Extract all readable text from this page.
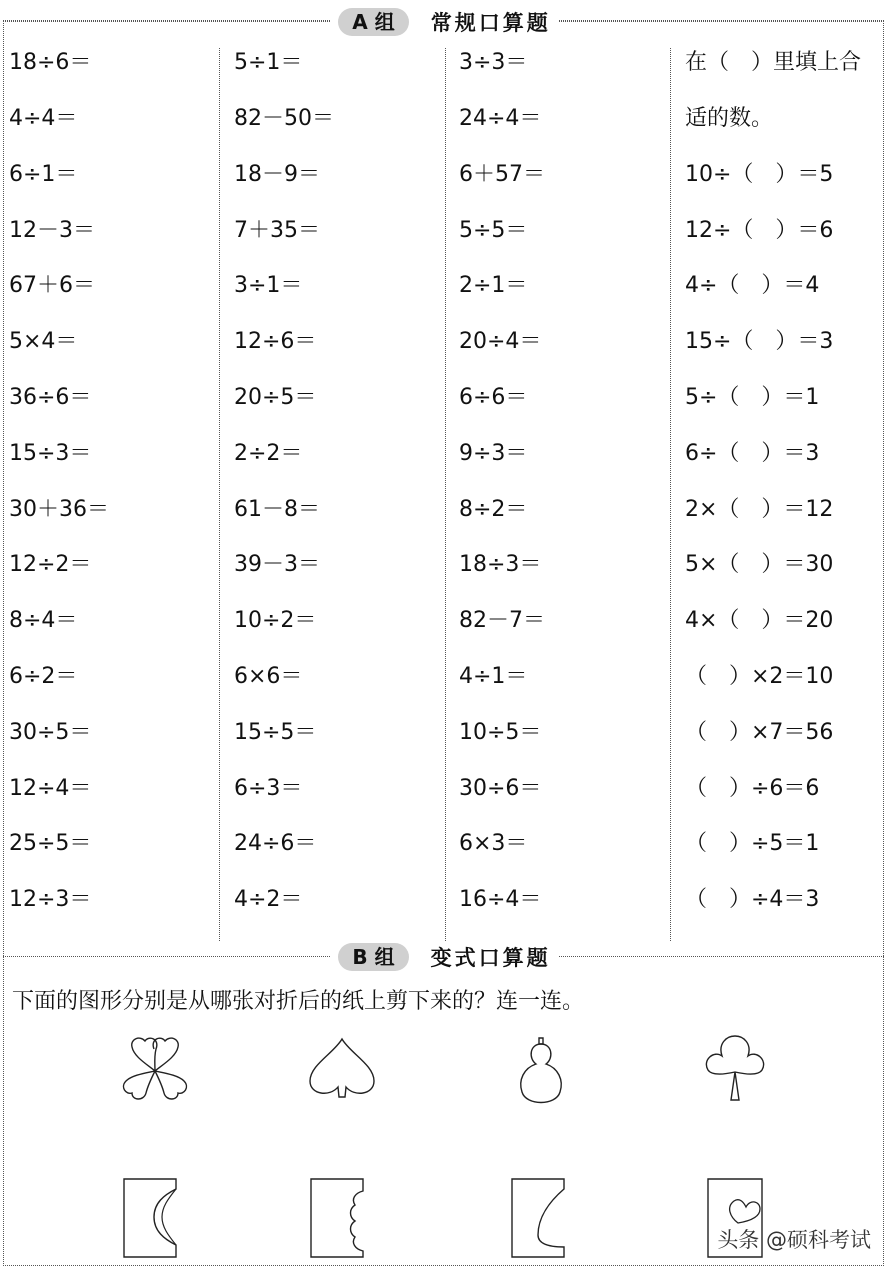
A 组	常规口算题
18÷6＝
4÷4＝
6÷1＝
12－3＝
67＋6＝
5×4＝
36÷6＝
15÷3＝
30＋36＝
12÷2＝
8÷4＝
6÷2＝
30÷5＝
12÷4＝
25÷5＝
12÷3＝
5÷1＝
82－50＝
18－9＝
7＋35＝
3÷1＝
12÷6＝
20÷5＝
2÷2＝
61－8＝
39－3＝
10÷2＝
6×6＝
15÷5＝
6÷3＝
24÷6＝
4÷2＝
3÷3＝
24÷4＝
6＋57＝
5÷5＝
2÷1＝
20÷4＝
6÷6＝
9÷3＝
8÷2＝
18÷3＝
82－7＝
4÷1＝
10÷5＝
30÷6＝
6×3＝
16÷4＝
在（　）里填上合
适的数。
10÷（　）＝5
12÷（　）＝6
4÷（　）＝4
15÷（　）＝3
5÷（　）＝1
6÷（　）＝3
2×（　）＝12
5×（　）＝30
4×（　）＝20
（　）×2＝10
（　）×7＝56
（　）÷6＝6
（　）÷5＝1
（　）÷4＝3
B 组	变式口算题
下面的图形分别是从哪张对折后的纸上剪下来的？连一连。
头条 @硕科考试
